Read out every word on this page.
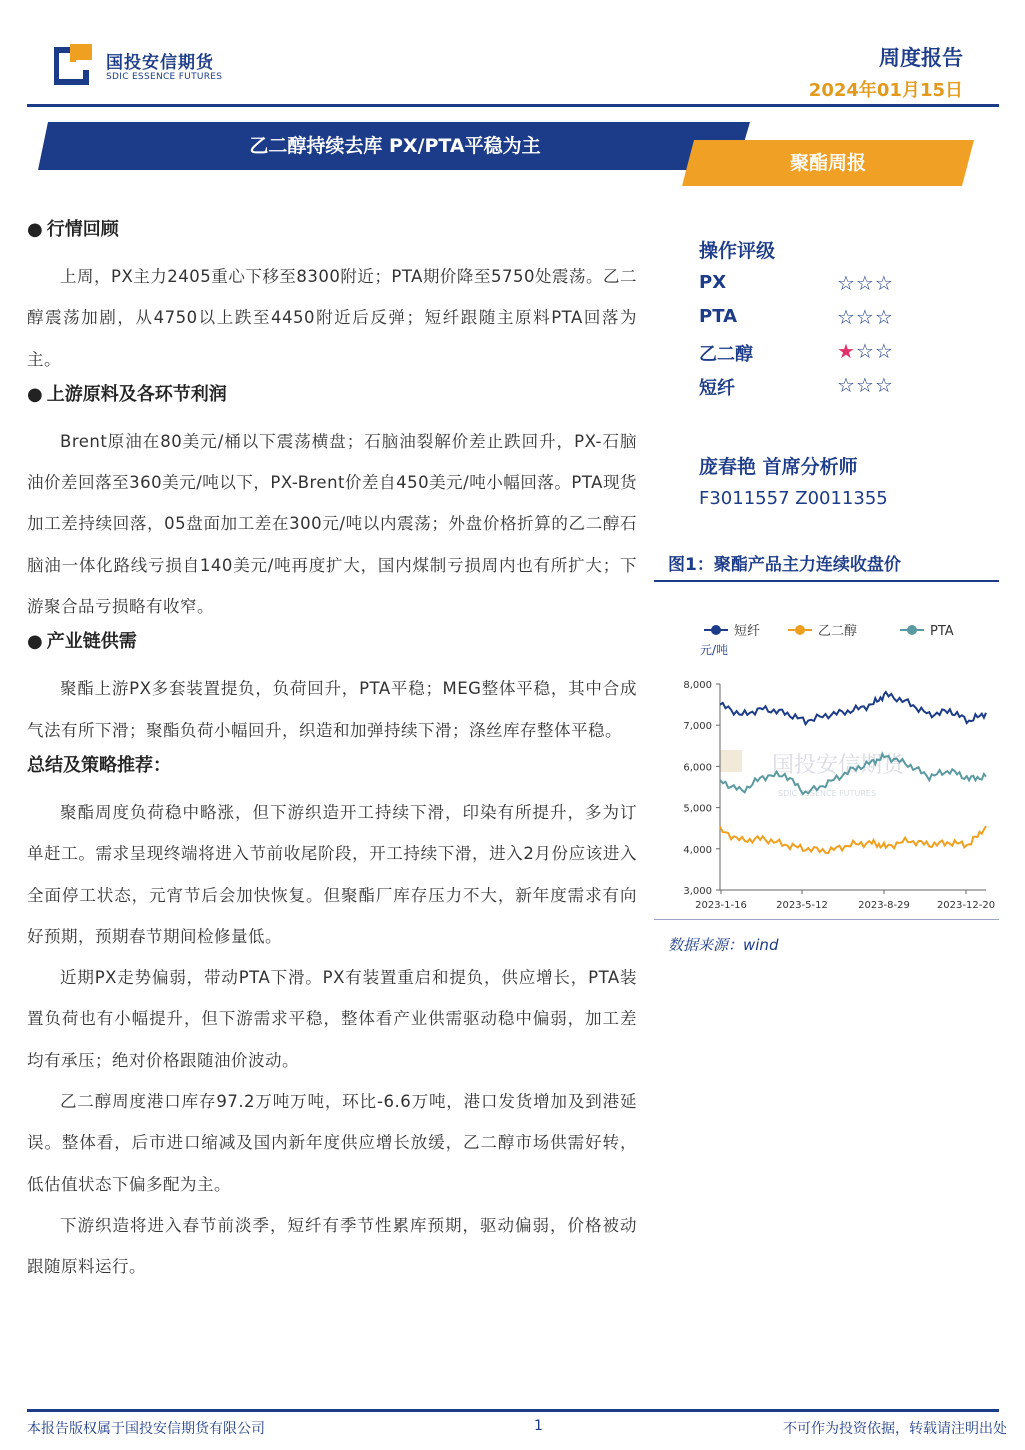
国投安信期货
SDIC ESSENCE FUTURES
周度报告
2024年01月15日
乙二醇持续去库 PX/PTA平稳为主
聚酯周报
● 行情回顾

上周，PX主力2405重心下移至8300附近；PTA期价降至5750处震荡。乙二醇震荡加剧，从4750以上跌至4450附近后反弹；短纤跟随主原料PTA回落为主。

● 上游原料及各环节利润

Brent原油在80美元/桶以下震荡横盘；石脑油裂解价差止跌回升，PX-石脑油价差回落至360美元/吨以下，PX-Brent价差自450美元/吨小幅回落。PTA现货加工差持续回落，05盘面加工差在300元/吨以内震荡；外盘价格折算的乙二醇石脑油一体化路线亏损自140美元/吨再度扩大，国内煤制亏损周内也有所扩大；下游聚合品亏损略有收窄。

● 产业链供需

聚酯上游PX多套装置提负，负荷回升，PTA平稳；MEG整体平稳，其中合成气法有所下滑；聚酯负荷小幅回升，织造和加弹持续下滑；涤丝库存整体平稳。

总结及策略推荐：

聚酯周度负荷稳中略涨，但下游织造开工持续下滑，印染有所提升，多为订单赶工。需求呈现终端将进入节前收尾阶段，开工持续下滑，进入2月份应该进入全面停工状态，元宵节后会加快恢复。但聚酯厂库存压力不大，新年度需求有向好预期，预期春节期间检修量低。

近期PX走势偏弱，带动PTA下滑。PX有装置重启和提负，供应增长，PTA装置负荷也有小幅提升，但下游需求平稳，整体看产业供需驱动稳中偏弱，加工差均有承压；绝对价格跟随油价波动。

乙二醇周度港口库存97.2万吨万吨，环比-6.6万吨，港口发货增加及到港延误。整体看，后市进口缩减及国内新年度供应增长放缓，乙二醇市场供需好转，低估值状态下偏多配为主。

下游织造将进入春节前淡季，短纤有季节性累库预期，驱动偏弱，价格被动跟随原料运行。

操作评级
PX	☆☆☆
PTA	☆☆☆
乙二醇	★☆☆
短纤	☆☆☆
庞春艳 首席分析师
F3011557 Z0011355
图1：聚酯产品主力连续收盘价
短纤	乙二醇	PTA
元/吨
国投安信期货
SDIC ESSENCE FUTURES
3,000
4,000
5,000
6,000
7,000
8,000
2023-1-16	2023-5-12	2023-8-29	2023-12-20
数据来源：wind
本报告版权属于国投安信期货有限公司	1	不可作为投资依据，转载请注明出处
